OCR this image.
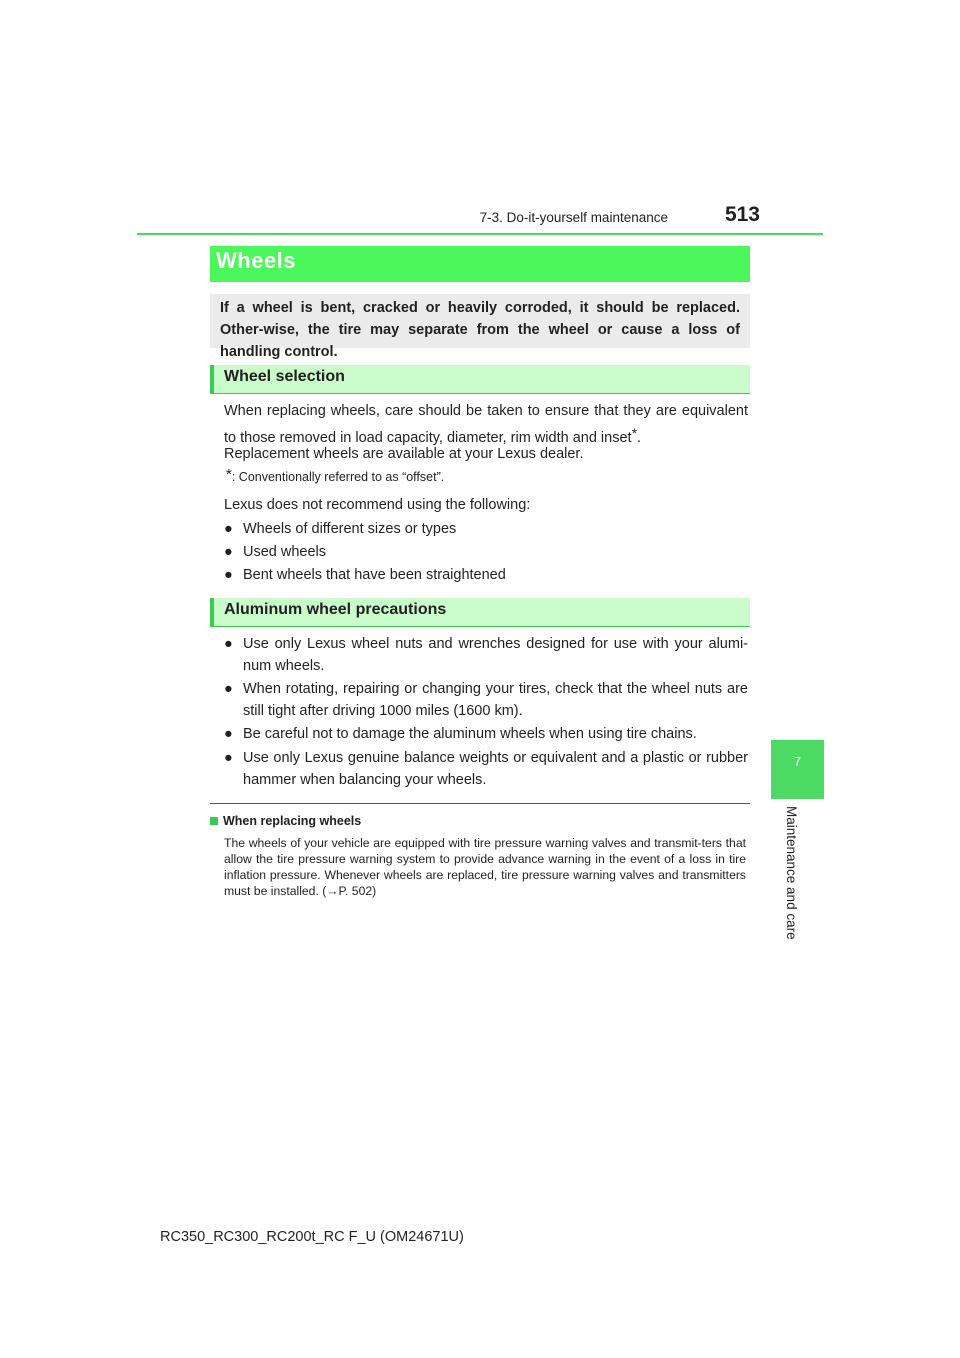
7-3. Do-it-yourself maintenance	513
7
Maintenance and care
Wheels
If a wheel is bent, cracked or heavily corroded, it should be replaced. Other-wise, the tire may separate from the wheel or cause a loss of handling control.
Wheel selection
When replacing wheels, care should be taken to ensure that they are equivalent to those removed in load capacity, diameter, rim width and inset*.
Replacement wheels are available at your Lexus dealer.
*: Conventionally referred to as “offset”.
Lexus does not recommend using the following:
● Wheels of different sizes or types
● Used wheels
● Bent wheels that have been straightened
Aluminum wheel precautions
● Use only Lexus wheel nuts and wrenches designed for use with your alumi-num wheels.
● When rotating, repairing or changing your tires, check that the wheel nuts are still tight after driving 1000 miles (1600 km).
● Be careful not to damage the aluminum wheels when using tire chains.
● Use only Lexus genuine balance weights or equivalent and a plastic or rubber hammer when balancing your wheels.
When replacing wheels
The wheels of your vehicle are equipped with tire pressure warning valves and transmit-ters that allow the tire pressure warning system to provide advance warning in the event of a loss in tire inflation pressure. Whenever wheels are replaced, tire pressure warning valves and transmitters must be installed. (→P. 502)
RC350_RC300_RC200t_RC F_U (OM24671U)
